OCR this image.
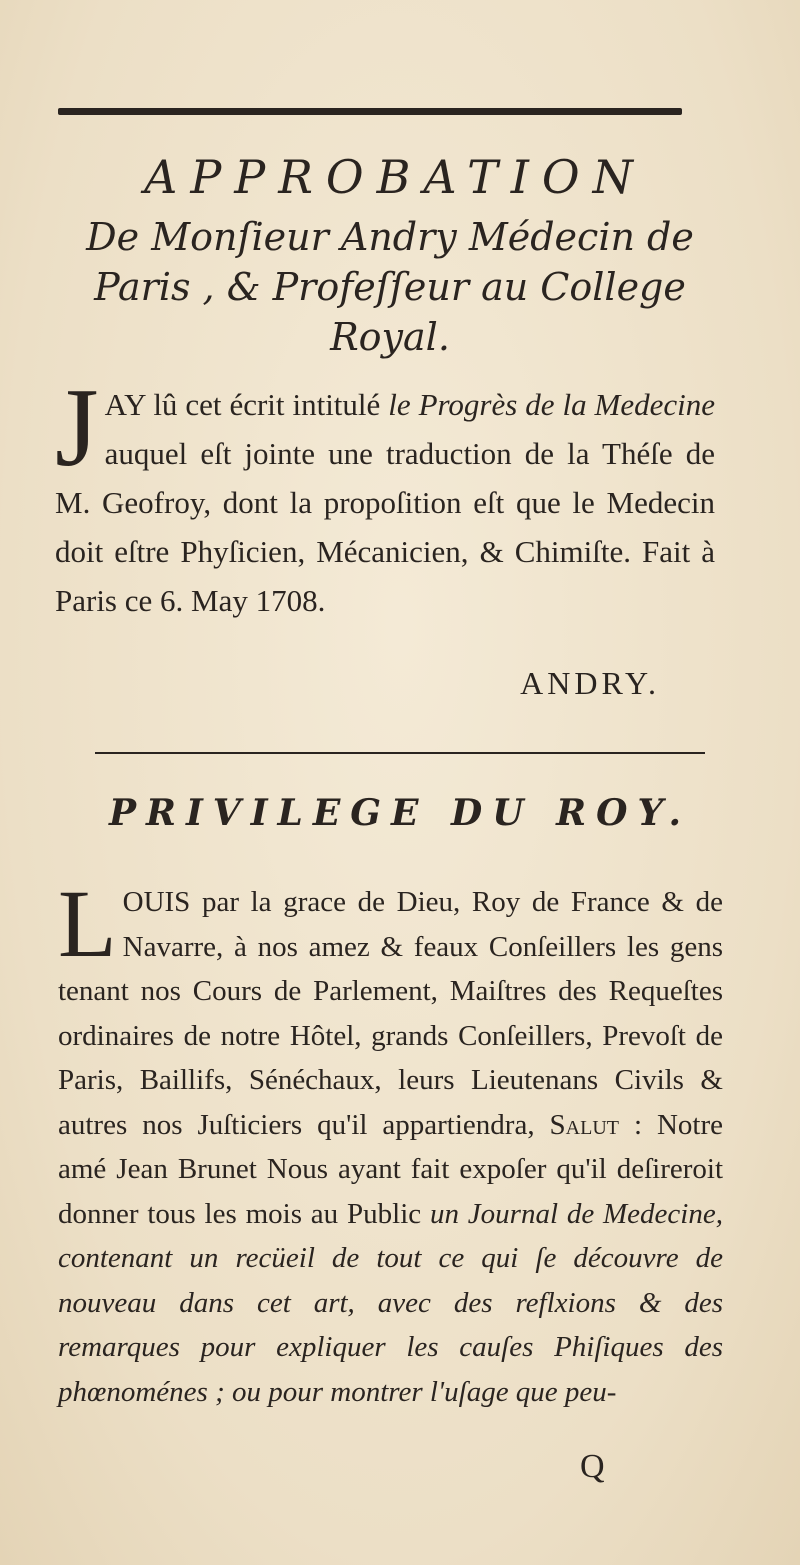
APPROBATION
De Monſieur Andry Médecin de
Paris , & Profeſſeur au College
Royal.
JAY lû cet écrit intitulé le Progrès de la Medecine auquel eſt jointe une traduction de la Théſe de M. Geofroy, dont la propoſition eſt que le Medecin doit eſtre Phyſicien, Mécanicien, & Chimiſte. Fait à Paris ce 6. May 1708.
ANDRY.
PRIVILEGE DU ROY.
LOUIS par la grace de Dieu, Roy de France & de Navarre, à nos amez & feaux Conſeillers les gens tenant nos Cours de Parlement, Maiſtres des Requeſtes ordinaires de notre Hôtel, grands Conſeillers, Prevoſt de Paris, Baillifs, Sénéchaux, leurs Lieutenans Civils & autres nos Juſticiers qu'il appartiendra, Salut : Notre amé Jean Brunet Nous ayant fait expoſer qu'il deſireroit donner tous les mois au Public un Journal de Medecine, contenant un recüeil de tout ce qui ſe découvre de nouveau dans cet art, avec des reflxions & des remarques pour expliquer les cauſes Phiſiques des phœnoménes ; ou pour montrer l'uſage que peu-
Q
